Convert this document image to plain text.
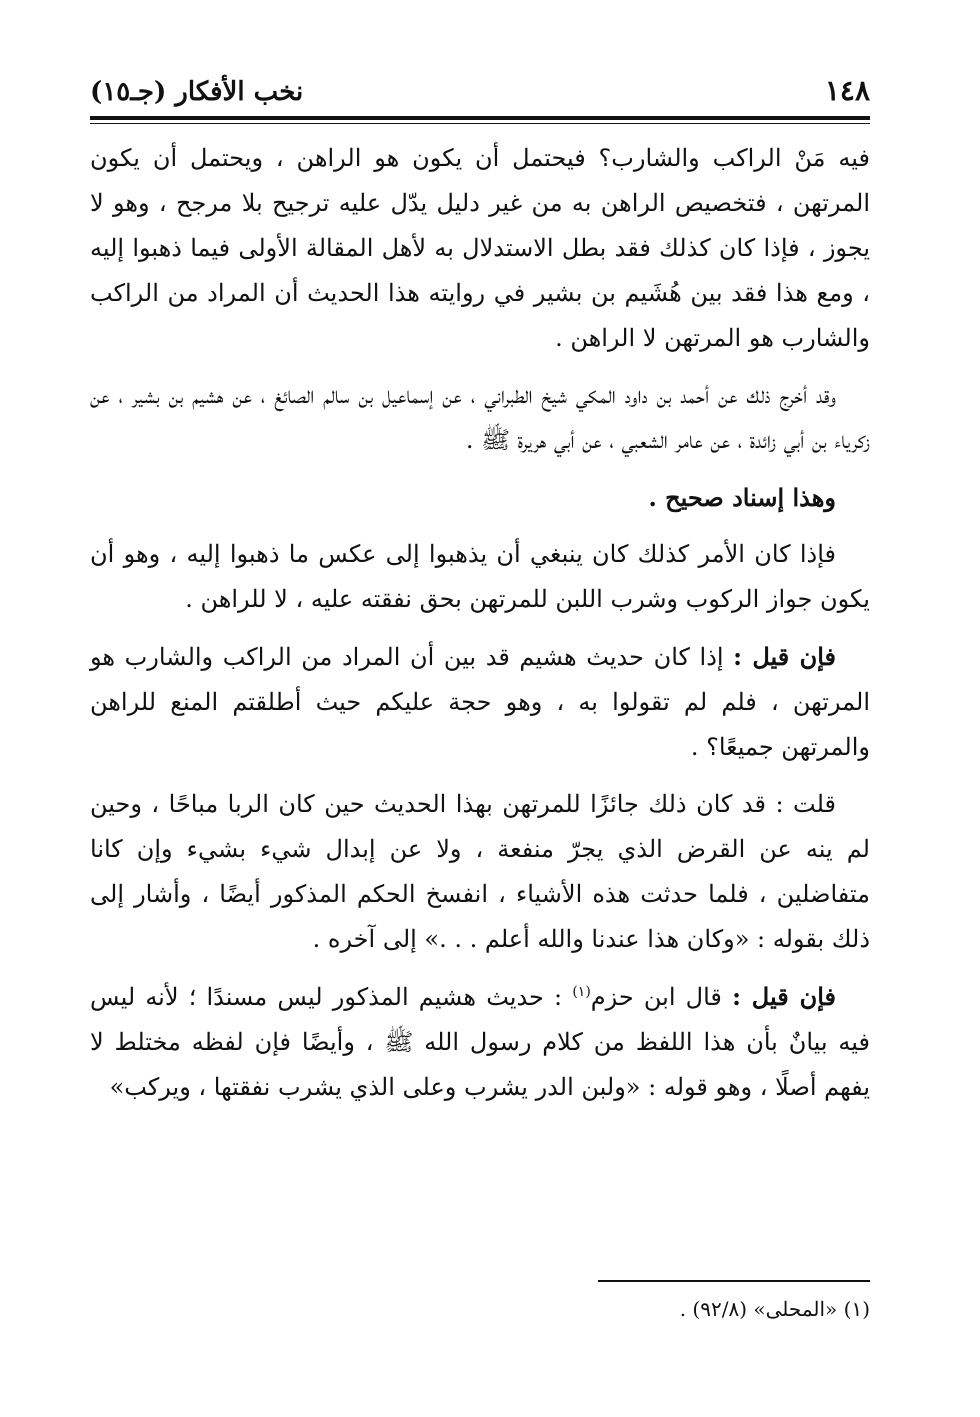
١٤٨
نخب الأفكار (جـ١٥)

فيه مَنْ الراكب والشارب؟ فيحتمل أن يكون هو الراهن ، ويحتمل أن يكون المرتهن ، فتخصيص الراهن به من غير دليل يدّل عليه ترجيح بلا مرجح ، وهو لا يجوز ، فإذا كان كذلك فقد بطل الاستدلال به لأهل المقالة الأولى فيما ذهبوا إليه ، ومع هذا فقد بين هُشَيم بن بشير في روايته هذا الحديث أن المراد من الراكب والشارب هو المرتهن لا الراهن .

وقد أخرج ذلك عن أحمد بن داود المكي شيخ الطبراني ، عن إسماعيل بن سالم الصائغ ، عن هشيم بن بشير ، عن زكرياء بن أبي زائدة ، عن عامر الشعبي ، عن أبي هريرة ﷺ .

وهذا إسناد صحيح .

فإذا كان الأمر كذلك كان ينبغي أن يذهبوا إلى عكس ما ذهبوا إليه ، وهو أن يكون جواز الركوب وشرب اللبن للمرتهن بحق نفقته عليه ، لا للراهن .

فإن قيل : إذا كان حديث هشيم قد بين أن المراد من الراكب والشارب هو المرتهن ، فلم لم تقولوا به ، وهو حجة عليكم حيث أطلقتم المنع للراهن والمرتهن جميعًا؟ .

قلت : قد كان ذلك جائزًا للمرتهن بهذا الحديث حين كان الربا مباحًا ، وحين لم ينه عن القرض الذي يجرّ منفعة ، ولا عن إبدال شيء بشيء وإن كانا متفاضلين ، فلما حدثت هذه الأشياء ، انفسخ الحكم المذكور أيضًا ، وأشار إلى ذلك بقوله : «وكان هذا عندنا والله أعلم . . .» إلى آخره .

فإن قيل : قال ابن حزم$^{(١)}$ : حديث هشيم المذكور ليس مسندًا ؛ لأنه ليس فيه بيانٌ بأن هذا اللفظ من كلام رسول الله ﷺ ، وأيضًا فإن لفظه مختلط لا يفهم أصلًا ، وهو قوله : «ولبن الدر يشرب وعلى الذي يشرب نفقتها ، ويركب»

(١) «المحلى» (٩٢/٨) .
